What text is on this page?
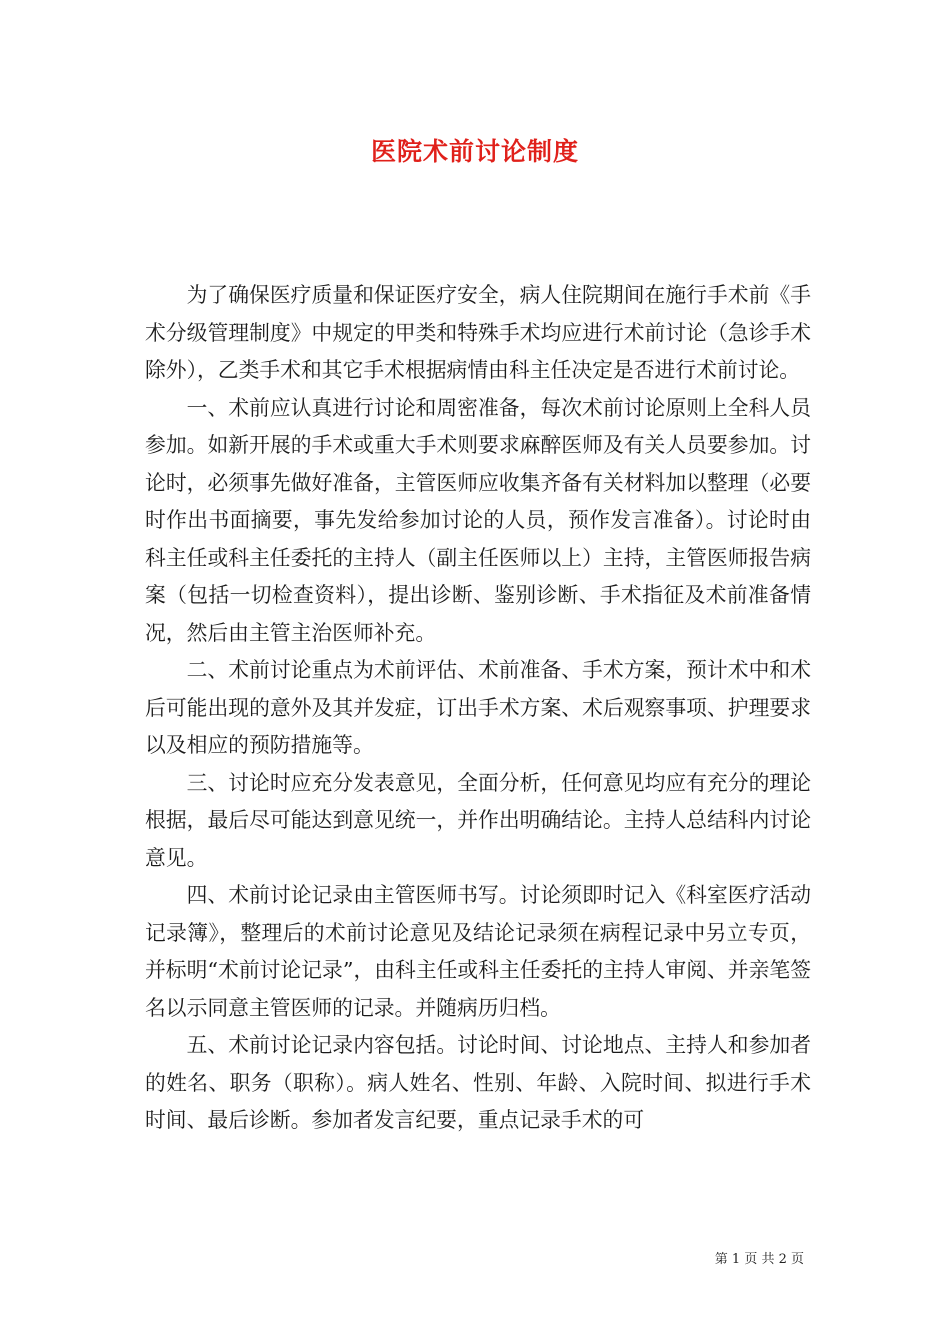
医院术前讨论制度

为了确保医疗质量和保证医疗安全，病人住院期间在施行手术前《手术分级管理制度》中规定的甲类和特殊手术均应进行术前讨论（急诊手术除外），乙类手术和其它手术根据病情由科主任决定是否进行术前讨论。

一、术前应认真进行讨论和周密准备，每次术前讨论原则上全科人员参加。如新开展的手术或重大手术则要求麻醉医师及有关人员要参加。讨论时，必须事先做好准备，主管医师应收集齐备有关材料加以整理（必要时作出书面摘要，事先发给参加讨论的人员，预作发言准备）。讨论时由科主任或科主任委托的主持人（副主任医师以上）主持，主管医师报告病案（包括一切检查资料），提出诊断、鉴别诊断、手术指征及术前准备情况，然后由主管主治医师补充。

二、术前讨论重点为术前评估、术前准备、手术方案，预计术中和术后可能出现的意外及其并发症，订出手术方案、术后观察事项、护理要求以及相应的预防措施等。

三、讨论时应充分发表意见，全面分析，任何意见均应有充分的理论根据，最后尽可能达到意见统一，并作出明确结论。主持人总结科内讨论意见。

四、术前讨论记录由主管医师书写。讨论须即时记入《科室医疗活动记录簿》，整理后的术前讨论意见及结论记录须在病程记录中另立专页，并标明“术前讨论记录”，由科主任或科主任委托的主持人审阅、并亲笔签名以示同意主管医师的记录。并随病历归档。

五、术前讨论记录内容包括。讨论时间、讨论地点、主持人和参加者的姓名、职务（职称）。病人姓名、性别、年龄、入院时间、拟进行手术时间、最后诊断。参加者发言纪要，重点记录手术的可

第 1 页 共 2 页
